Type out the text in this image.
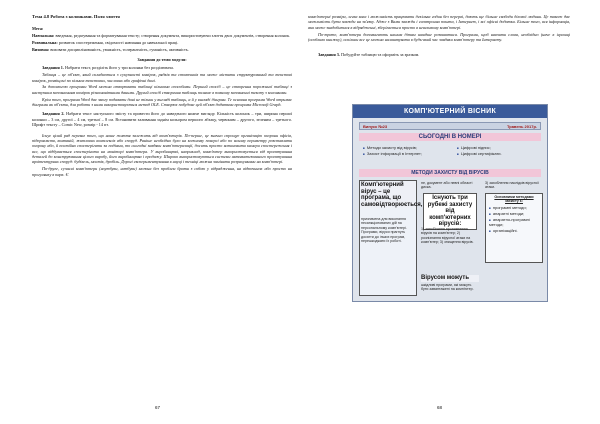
Тема 4.8 Робота з колонками. Поля злиття
Мета:
Навчальна: введення, редагування та форматування тексту; створення документа, використовуючи злиття двох документів, створення колонок.
Розвивальна: розвиток спостереження, свідомості навчання до навчальної праці.
Виховна: виховати дисциплінованість, уважність, толерантність, гуманість, активність.
Завдання до теми модуля:
Завдання 1. Набрати текст, розділіть його у три колонки без розділювача.
Таблиця – це об'єкт, який складається з сукупності комірок, рядків та стовпчиків та може містити структурований та текстові комірок, розміщені по кількох текстових, числових або графічні дані.
За допомогою програми Word можна створювати таблиці кількома способами. Перший спосіб – це створення порожньої таблиці з наступним заповненням комірок різноманітними даними. Другий спосіб створення таблиць полягає в повному заповненні тексту з колонками.
Крім того, програма Word дає змогу подавати дані не тільки у вигляді таблиць, а й у вигляді діаграм. Те основна програма Word отримає діаграми як об'єкти, для роботи з ними використовується метод OLE. Створює побудове цей об'єкт додатком програма Microsoft Graph.
Завдання 2. Набрати текст наступного змісту та привести його до наведеного нижче вигляду. Кількість колонок – три, ширина першої колонки – 3 см, другої – 4 см, третьої – 8 см. Встановити заливання заднім кольором першого абзацу, червоним – другого, зеленим – третього. Шрифт тексту – Comic New, розмір - 14 пт.
Існує цілий ряд переваг того, що наше життя залежить від комп'ютерів. По-перше, це значно спрощує організацію охорони офісів, підприємств, компаній, житлових комплексів або споруд. Раніше необхідно було на кожному поверсі або по всьому периметру розставляти охорону або, й постійно спостерігати за подіями, то сьогодні завдяки комп'ютеризації, досить просто встановити камери спостереження і все, що відбувається спостерігати на моніторі комп'ютера. У виробництві, наприклад, комп'ютер використовується від проектування деталей до конструювання цілого виробу, його виробництва і продажу. Широко використовуються системи автоматизованого проектування архітектурних споруд: будівель, мостів, дробіль. Дорогі експериментування в науці і техніці можна замінити розрахунками на комп'ютері.
По-друге, сучасні комп'ютери (ноутбуки, нетбуки) можна без проблем брати з собою у відрядження, на відпочинок або просто на прогулянку в парк. Є
67
комп'ютерні розміри, легка вага і можливість працювати декілька годин без перерві, дають ще більше свободи ділової людини. Це також дає можливість бути завжди на зв'язку. Адже з Вами завжди і електронна пошта, і Інтернет, і всі офісні додатки. Більше того, вся інформація, яка може знадобитися в відрядженні, зберігається просто в невеликому комп'ютері.
По-третє, комп'ютери допомагають нашим дітям швидше розвиватися. Програми, щоб навчити слова, необхідно (наче в іграшці (особливо книжку), оскільки все це можна налаштувати в будь-який час завдяки комп'ютеру та Інтернету.
Завдання 3. Побудуйте таблицю та оформіть за зразком.
КОМП'ЮТЕРНИЙ ВІСНИК
Випуск №23	Травень 2017р.
СЬОГОДНІ В НОМЕРІ
■ Методи захисту від вірусів;
■ Захист інформації в Інтернет;
■ Цифрові підпис;
■ Цифрові сертифікати.
МЕТОДИ ЗАХИСТУ ВІД ВІРУСІВ
Комп'ютерний вірус – це програма, що самовідтворюється,
призначена для виконання несанкціонованих дій на персональному комп'ютері. Програми, віруси прагнуть досягти до інших програм, перешкоджати їх роботі.
не, документ або певні області диска.
Існують три рубежі захисту від комп'ютерних вірусів:
1) запобігання проникненню вірусів на комп'ютер; 2) розпізнання вірусної атаки на комп'ютер; 3) знищення вірусів.
Вірусом можуть
шкідливі програми, які можуть бути завантажені на комп'ютер.
3) захоблення наслідків вірусної атаки.
Основними методами захисту є:
■ програмні методи;
■ апаратні методи;
■ апаратно-програмні методи;
■ організаційні.
68
